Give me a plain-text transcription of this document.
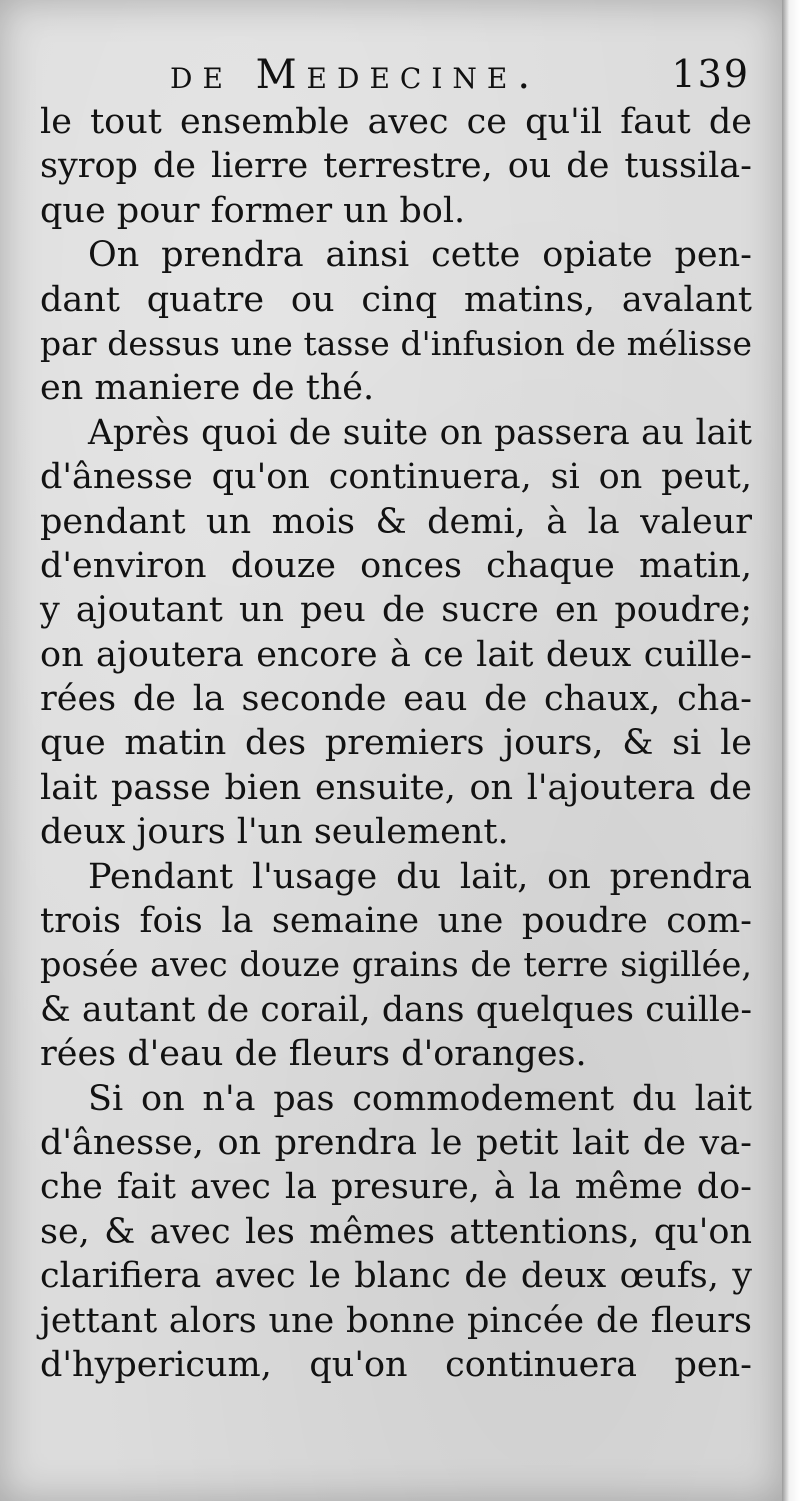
de Medecine.	139
le tout ensemble avec ce qu'il faut de
syrop de lierre terrestre, ou de tussila-
que pour former un bol.
On prendra ainsi cette opiate pen-
dant quatre ou cinq matins, avalant
par dessus une tasse d'infusion de mélisse
en maniere de thé.
Après quoi de suite on passera au lait
d'ânesse qu'on continuera, si on peut,
pendant un mois & demi, à la valeur
d'environ douze onces chaque matin,
y ajoutant un peu de sucre en poudre;
on ajoutera encore à ce lait deux cuille-
rées de la seconde eau de chaux, cha-
que matin des premiers jours, & si le
lait passe bien ensuite, on l'ajoutera de
deux jours l'un seulement.
Pendant l'usage du lait, on prendra
trois fois la semaine une poudre com-
posée avec douze grains de terre sigillée,
& autant de corail, dans quelques cuille-
rées d'eau de fleurs d'oranges.
Si on n'a pas commodement du lait
d'ânesse, on prendra le petit lait de va-
che fait avec la presure, à la même do-
se, & avec les mêmes attentions, qu'on
clarifiera avec le blanc de deux œufs, y
jettant alors une bonne pincée de fleurs
d'hypericum, qu'on continuera pen-
